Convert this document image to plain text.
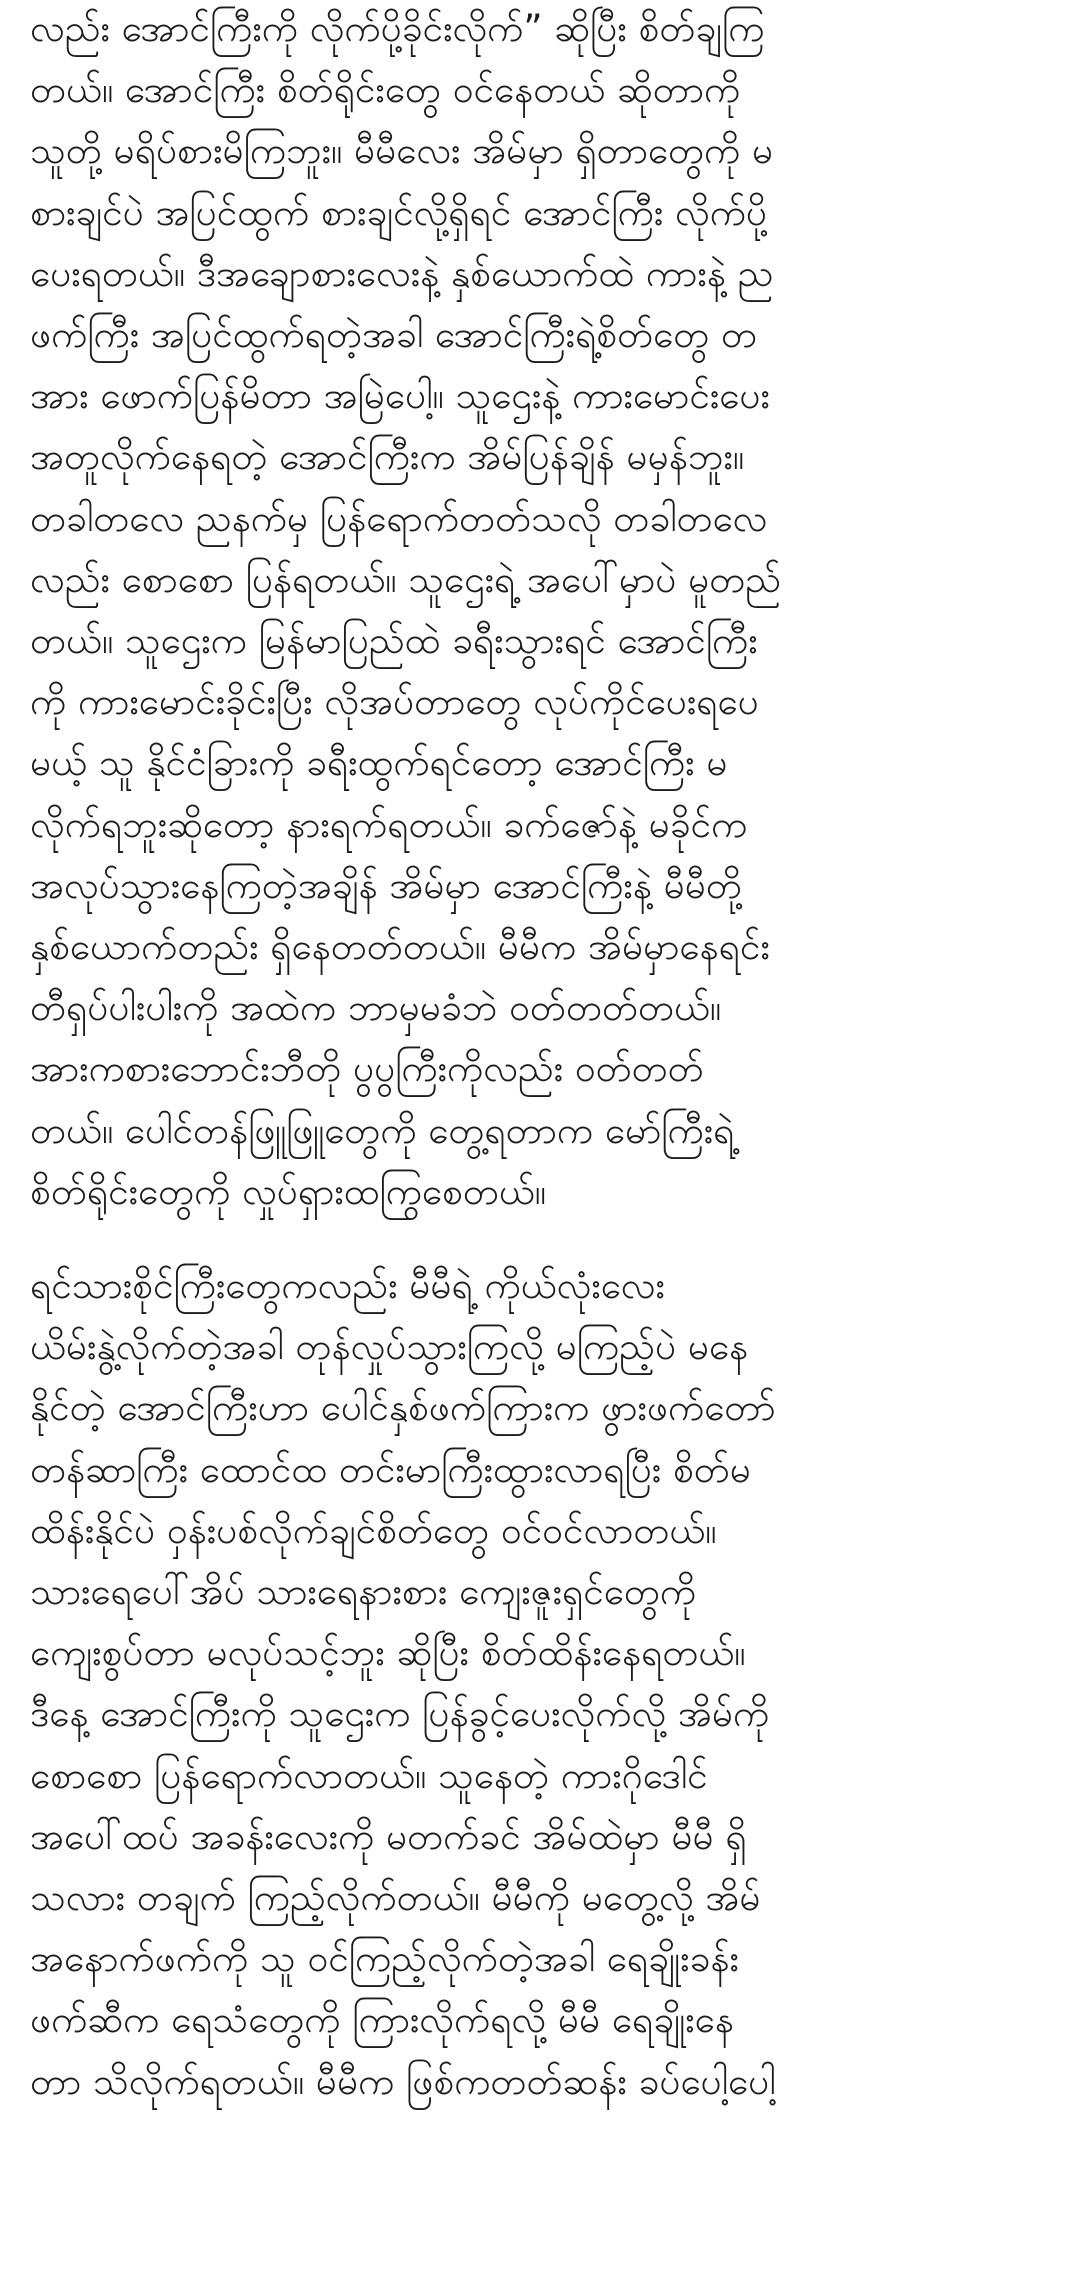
လည်း အောင်ကြီးကို လိုက်ပို့ခိုင်းလိုက်” ဆိုပြီး စိတ်ချကြ
တယ်။ အောင်ကြီး စိတ်ရိုင်းတွေ ဝင်နေတယ် ဆိုတာကို
သူတို့ မရိပ်စားမိကြဘူး။ မီမီလေး အိမ်မှာ ရှိတာတွေကို မ
စားချင်ပဲ အပြင်ထွက် စားချင်လို့ရှိရင် အောင်ကြီး လိုက်ပို့
ပေးရတယ်။ ဒီအချောစားလေးနဲ့ နှစ်ယောက်ထဲ ကားနဲ့ ည
ဖက်ကြီး အပြင်ထွက်ရတဲ့အခါ အောင်ကြီးရဲ့စိတ်တွေ တ
အား ဖောက်ပြန်မိတာ အမြဲပေါ့။ သူဌေးနဲ့ ကားမောင်းပေး
အတူလိုက်နေရတဲ့ အောင်ကြီးက အိမ်ပြန်ချိန် မမှန်ဘူး။
တခါတလေ ညနက်မှ ပြန်ရောက်တတ်သလို တခါတလေ
လည်း စောစော ပြန်ရတယ်။ သူဌေးရဲ့ အပေါ်မှာပဲ မူတည်
တယ်။ သူဌေးက မြန်မာပြည်ထဲ ခရီးသွားရင် အောင်ကြီး
ကို ကားမောင်းခိုင်းပြီး လိုအပ်တာတွေ လုပ်ကိုင်ပေးရပေ
မယ့် သူ နိုင်ငံခြားကို ခရီးထွက်ရင်တော့ အောင်ကြီး မ
လိုက်ရဘူးဆိုတော့ နားရက်ရတယ်။ ခက်ဇော်နဲ့ မခိုင်က
အလုပ်သွားနေကြတဲ့အချိန် အိမ်မှာ အောင်ကြီးနဲ့ မီမီတို့
နှစ်ယောက်တည်း ရှိနေတတ်တယ်။ မီမီက အိမ်မှာနေရင်း
တီရှပ်ပါးပါးကို အထဲက ဘာမှမခံဘဲ ဝတ်တတ်တယ်။
အားကစားဘောင်းဘီတို ပွပွကြီးကိုလည်း ဝတ်တတ်
တယ်။ ပေါင်တန်ဖြူဖြူတွေကို တွေ့ရတာက မော်ကြီးရဲ့
စိတ်ရိုင်းတွေကို လှုပ်ရှားထကြွစေတယ်။
ရင်သားစိုင်ကြီးတွေကလည်း မီမီရဲ့ ကိုယ်လုံးလေး
ယိမ်းနွဲ့လိုက်တဲ့အခါ တုန်လှုပ်သွားကြလို့ မကြည့်ပဲ မနေ
နိုင်တဲ့ အောင်ကြီးဟာ ပေါင်နှစ်ဖက်ကြားက ဖွားဖက်တော်
တန်ဆာကြီး ထောင်ထ တင်းမာကြီးထွားလာရပြီး စိတ်မ
ထိန်းနိုင်ပဲ ဝှန်းပစ်လိုက်ချင်စိတ်တွေ ဝင်ဝင်လာတယ်။
သားရေပေါ်အိပ် သားရေနားစား ကျေးဇူးရှင်တွေကို
ကျေးစွပ်တာ မလုပ်သင့်ဘူး ဆိုပြီး စိတ်ထိန်းနေရတယ်။
ဒီနေ့ အောင်ကြီးကို သူဌေးက ပြန်ခွင့်ပေးလိုက်လို့ အိမ်ကို
စောစော ပြန်ရောက်လာတယ်။ သူနေတဲ့ ကားဂိုဒေါင်
အပေါ်ထပ် အခန်းလေးကို မတက်ခင် အိမ်ထဲမှာ မီမီ ရှိ
သလား တချက် ကြည့်လိုက်တယ်။ မီမီကို မတွေ့လို့ အိမ်
အနောက်ဖက်ကို သူ ဝင်ကြည့်လိုက်တဲ့အခါ ရေချိုးခန်း
ဖက်ဆီက ရေသံတွေကို ကြားလိုက်ရလို့ မီမီ ရေချိုးနေ
တာ သိလိုက်ရတယ်။ မီမီက ဖြစ်ကတတ်ဆန်း ခပ်ပေါ့ပေါ့
